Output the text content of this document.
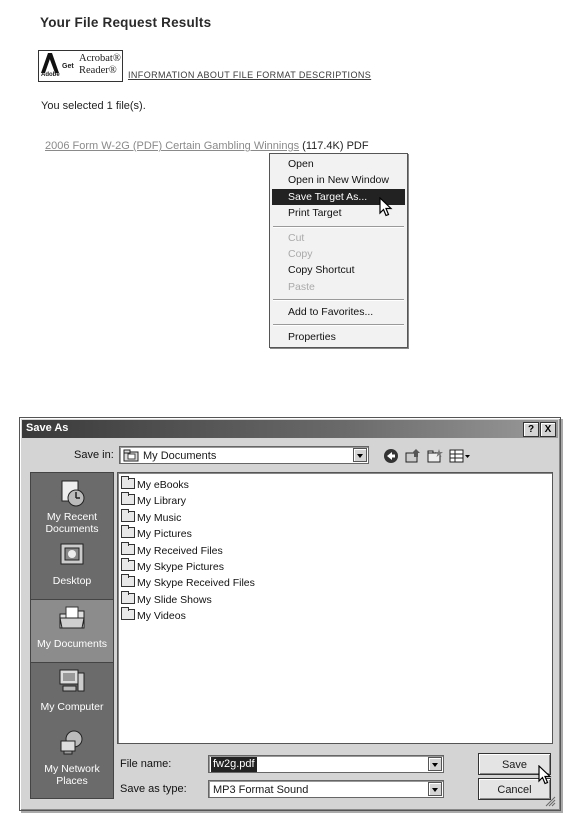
Your File Request Results
Adobe
Get
Acrobat®
Reader®	INFORMATION ABOUT FILE FORMAT DESCRIPTIONS
You selected 1 file(s).
2006 Form W-2G (PDF) Certain Gambling Winnings (117.4K) PDF
Open
Open in New Window
Save Target As...
Print Target
Cut
Copy
Copy Shortcut
Paste
Add to Favorites...
Properties
Save As	?	X
Save in:	My Documents
My Recent Documents
Desktop
My Documents
My Computer
My Network Places
My eBooks
My Library
My Music
My Pictures
My Received Files
My Skype Pictures
My Skype Received Files
My Slide Shows
My Videos
File name:	fw2g.pdf
Save as type: MP3 Format Sound
Save
Cancel
